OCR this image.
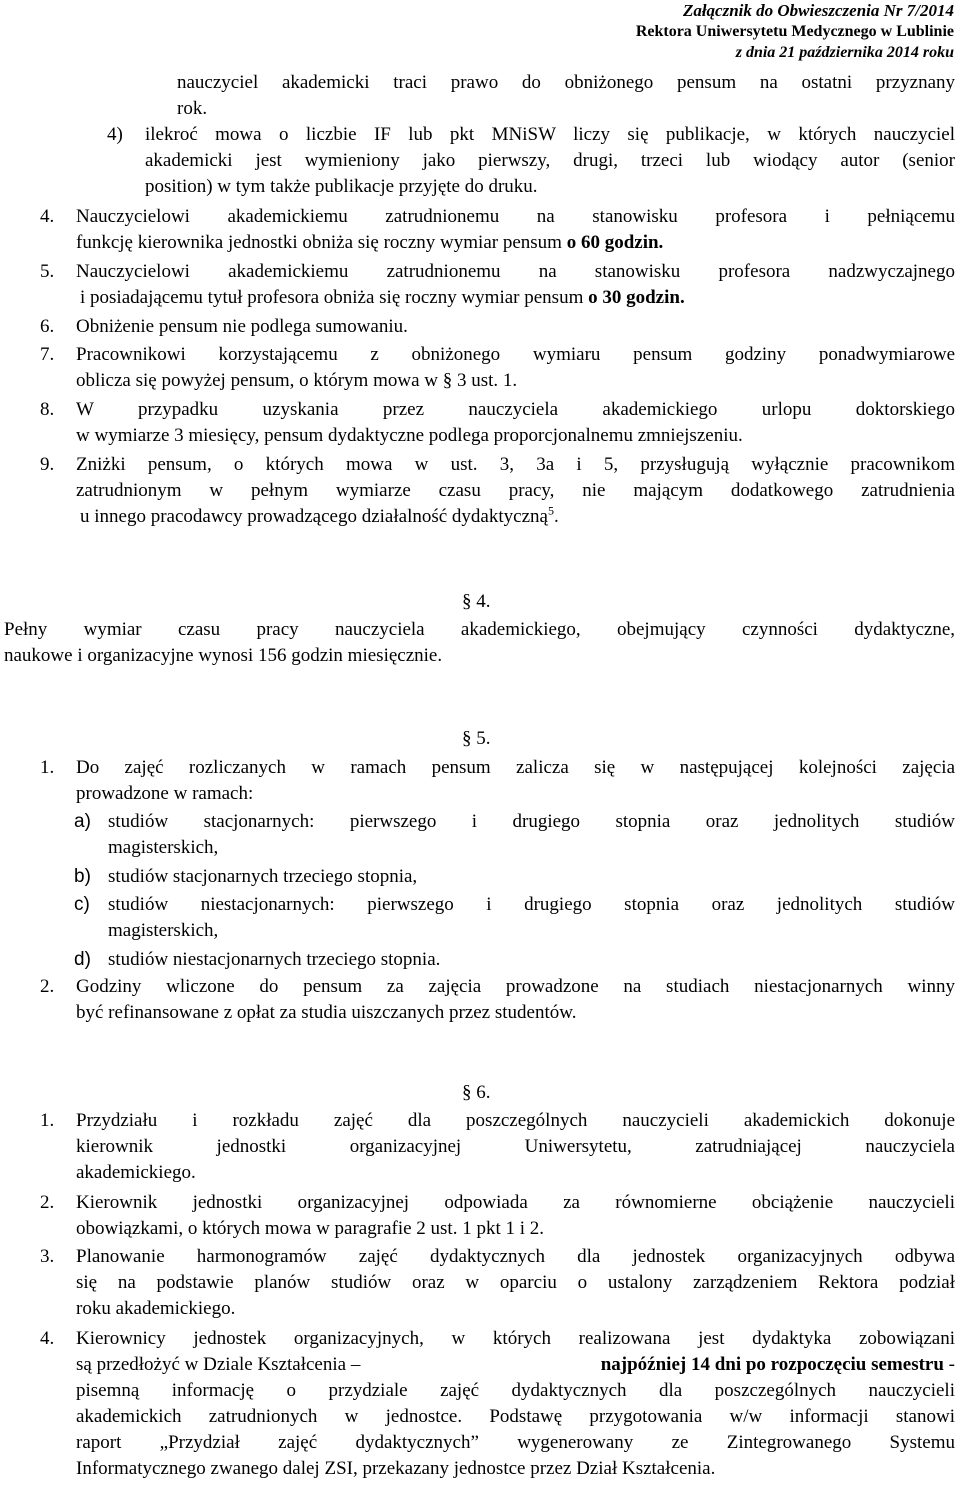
Załącznik do Obwieszczenia Nr 7/2014
Rektora Uniwersytetu Medycznego w Lublinie
z dnia 21 października 2014 roku
nauczyciel akademicki traci prawo do obniżonego pensum na ostatni przyznany
rok.
4) ilekroć mowa o liczbie IF lub pkt MNiSW liczy się publikacje, w których nauczyciel
akademicki jest wymieniony jako pierwszy, drugi, trzeci lub wiodący autor (senior
position) w tym także publikacje przyjęte do druku.
4. Nauczycielowi akademickiemu zatrudnionemu na stanowisku profesora i pełniącemu
funkcję kierownika jednostki obniża się roczny wymiar pensum o 60 godzin.
5. Nauczycielowi akademickiemu zatrudnionemu na stanowisku profesora nadzwyczajnego
i posiadającemu tytuł profesora obniża się roczny wymiar pensum o 30 godzin.
6. Obniżenie pensum nie podlega sumowaniu.
7. Pracownikowi korzystającemu z obniżonego wymiaru pensum godziny ponadwymiarowe
oblicza się powyżej pensum, o którym mowa w § 3 ust. 1.
8. W przypadku uzyskania przez nauczyciela akademickiego urlopu doktorskiego
w wymiarze 3 miesięcy, pensum dydaktyczne podlega proporcjonalnemu zmniejszeniu.
9. Zniżki pensum, o których mowa w ust. 3, 3a i 5, przysługują wyłącznie pracownikom
zatrudnionym w pełnym wymiarze czasu pracy, nie mającym dodatkowego zatrudnienia
u innego pracodawcy prowadzącego działalność dydaktyczną$^5$.
§ 4.
Pełny wymiar czasu pracy nauczyciela akademickiego, obejmujący czynności dydaktyczne,
naukowe i organizacyjne wynosi 156 godzin miesięcznie.
§ 5.
1. Do zajęć rozliczanych w ramach pensum zalicza się w następującej kolejności zajęcia
prowadzone w ramach:
a) studiów stacjonarnych: pierwszego i drugiego stopnia oraz jednolitych studiów
magisterskich,
b) studiów stacjonarnych trzeciego stopnia,
c) studiów niestacjonarnych: pierwszego i drugiego stopnia oraz jednolitych studiów
magisterskich,
d) studiów niestacjonarnych trzeciego stopnia.
2. Godziny wliczone do pensum za zajęcia prowadzone na studiach niestacjonarnych winny
być refinansowane z opłat za studia uiszczanych przez studentów.
§ 6.
1. Przydziału i rozkładu zajęć dla poszczególnych nauczycieli akademickich dokonuje
kierownik jednostki organizacyjnej Uniwersytetu, zatrudniającej nauczyciela
akademickiego.
2. Kierownik jednostki organizacyjnej odpowiada za równomierne obciążenie nauczycieli
obowiązkami, o których mowa w paragrafie 2 ust. 1 pkt 1 i 2.
3. Planowanie harmonogramów zajęć dydaktycznych dla jednostek organizacyjnych odbywa
się na podstawie planów studiów oraz w oparciu o ustalony zarządzeniem Rektora podział
roku akademickiego.
4. Kierownicy jednostek organizacyjnych, w których realizowana jest dydaktyka zobowiązani
są przedłożyć w Dziale Kształcenia –	najpóźniej 14 dni po rozpoczęciu semestru -
pisemną informację o przydziale zajęć dydaktycznych dla poszczególnych nauczycieli
akademickich zatrudnionych w jednostce. Podstawę przygotowania w/w informacji stanowi
raport „Przydział zajęć dydaktycznych” wygenerowany ze Zintegrowanego Systemu
Informatycznego zwanego dalej ZSI, przekazany jednostce przez Dział Kształcenia.
